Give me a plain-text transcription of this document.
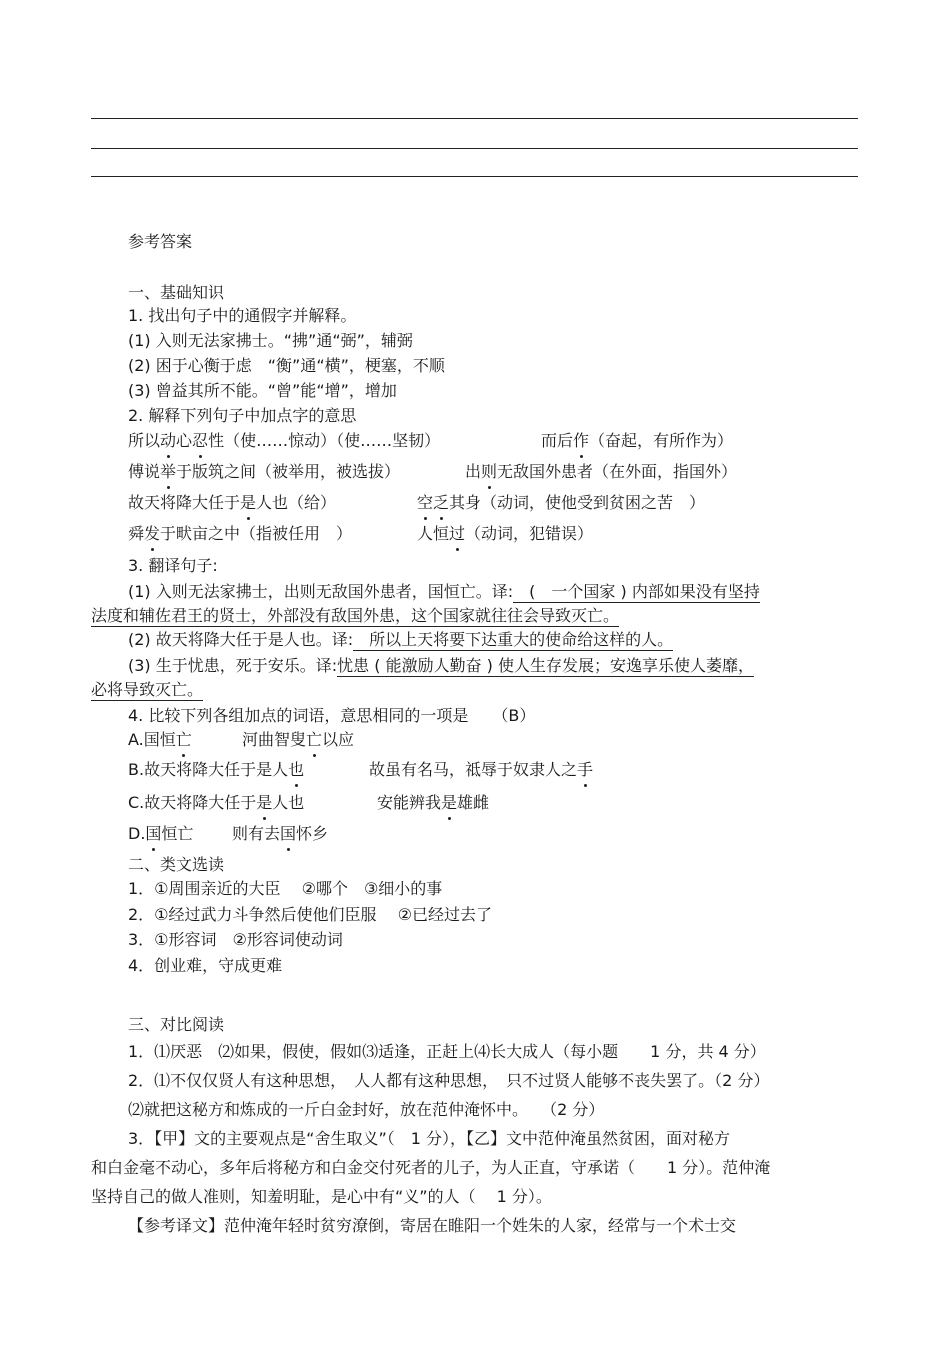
参考答案
一、基础知识
1. 找出句子中的通假字并解释。
(1) 入则无法家拂士。“拂”通“弼”，辅弼
(2) 困于心衡于虑　“衡”通“横”，梗塞，不顺
(3) 曾益其所不能。“曾”能“增”，增加
2. 解释下列句子中加点字的意思
所以动心忍性（使……惊动）（使……坚韧）	而后作（奋起，有所作为）
傅说举于版筑之间（被举用，被选拔）	出则无敌国外患者（在外面，指国外）
故天将降大任于是人也（给）	空乏其身（动词，使他受到贫困之苦　）
舜发于畎亩之中（指被任用　）	人恒过（动词，犯错误）
3. 翻译句子:
(1) 入则无法家拂士，出则无敌国外患者，国恒亡。译:　(　一个国家 ) 内部如果没有坚持
法度和辅佐君王的贤士，外部没有敌国外患，这个国家就往往会导致灭亡。
(2) 故天将降大任于是人也。译:　所以上天将要下达重大的使命给这样的人。
(3) 生于忧患，死于安乐。译:忧患 ( 能激励人勤奋 ) 使人生存发展；安逸享乐使人萎靡，
必将导致灭亡。
4. 比较下列各组加点的词语，意思相同的一项是　　 （B）
A.国恒亡	河曲智叟亡以应
B.故天将降大任于是人也	故虽有名马，祗辱于奴隶人之手
C.故天将降大任于是人也	安能辨我是雄雌
D.国恒亡 则有去国怀乡
二、类文选读
1．①周围亲近的大臣　 ②哪个　③细小的事
2．①经过武力斗争然后使他们臣服　 ②已经过去了
3．①形容词　②形容词使动词
4．创业难，守成更难
三、对比阅读
1．⑴厌恶　⑵如果，假使，假如⑶适逢，正赶上⑷长大成人（每小题　　1 分，共 4 分）
2．⑴不仅仅贤人有这种思想，　人人都有这种思想，　只不过贤人能够不丧失罢了。（2 分）
⑵就把这秘方和炼成的一斤白金封好，放在范仲淹怀中。　 （2 分）
3．【甲】文的主要观点是“舍生取义”（　1 分），【乙】文中范仲淹虽然贫困，面对秘方
和白金毫不动心，多年后将秘方和白金交付死者的儿子，为人正直，守承诺（　　1 分）。范仲淹
坚持自己的做人准则，知羞明耻，是心中有“义”的人（　 1 分）。
【参考译文】范仲淹年轻时贫穷潦倒，寄居在睢阳一个姓朱的人家，经常与一个术士交
